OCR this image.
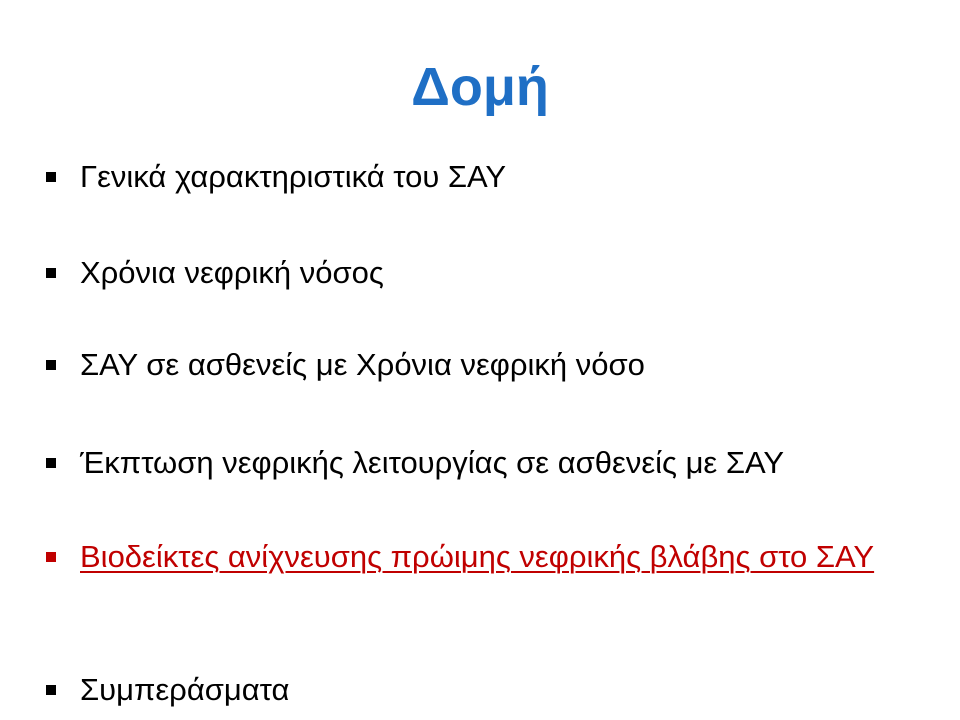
Δομή
Γενικά χαρακτηριστικά του ΣΑΥ
Χρόνια νεφρική νόσος
ΣΑΥ σε ασθενείς με Χρόνια νεφρική νόσο
Έκπτωση νεφρικής λειτουργίας σε ασθενείς με ΣΑΥ
Βιοδείκτες ανίχνευσης πρώιμης νεφρικής βλάβης στο ΣΑΥ
Συμπεράσματα
